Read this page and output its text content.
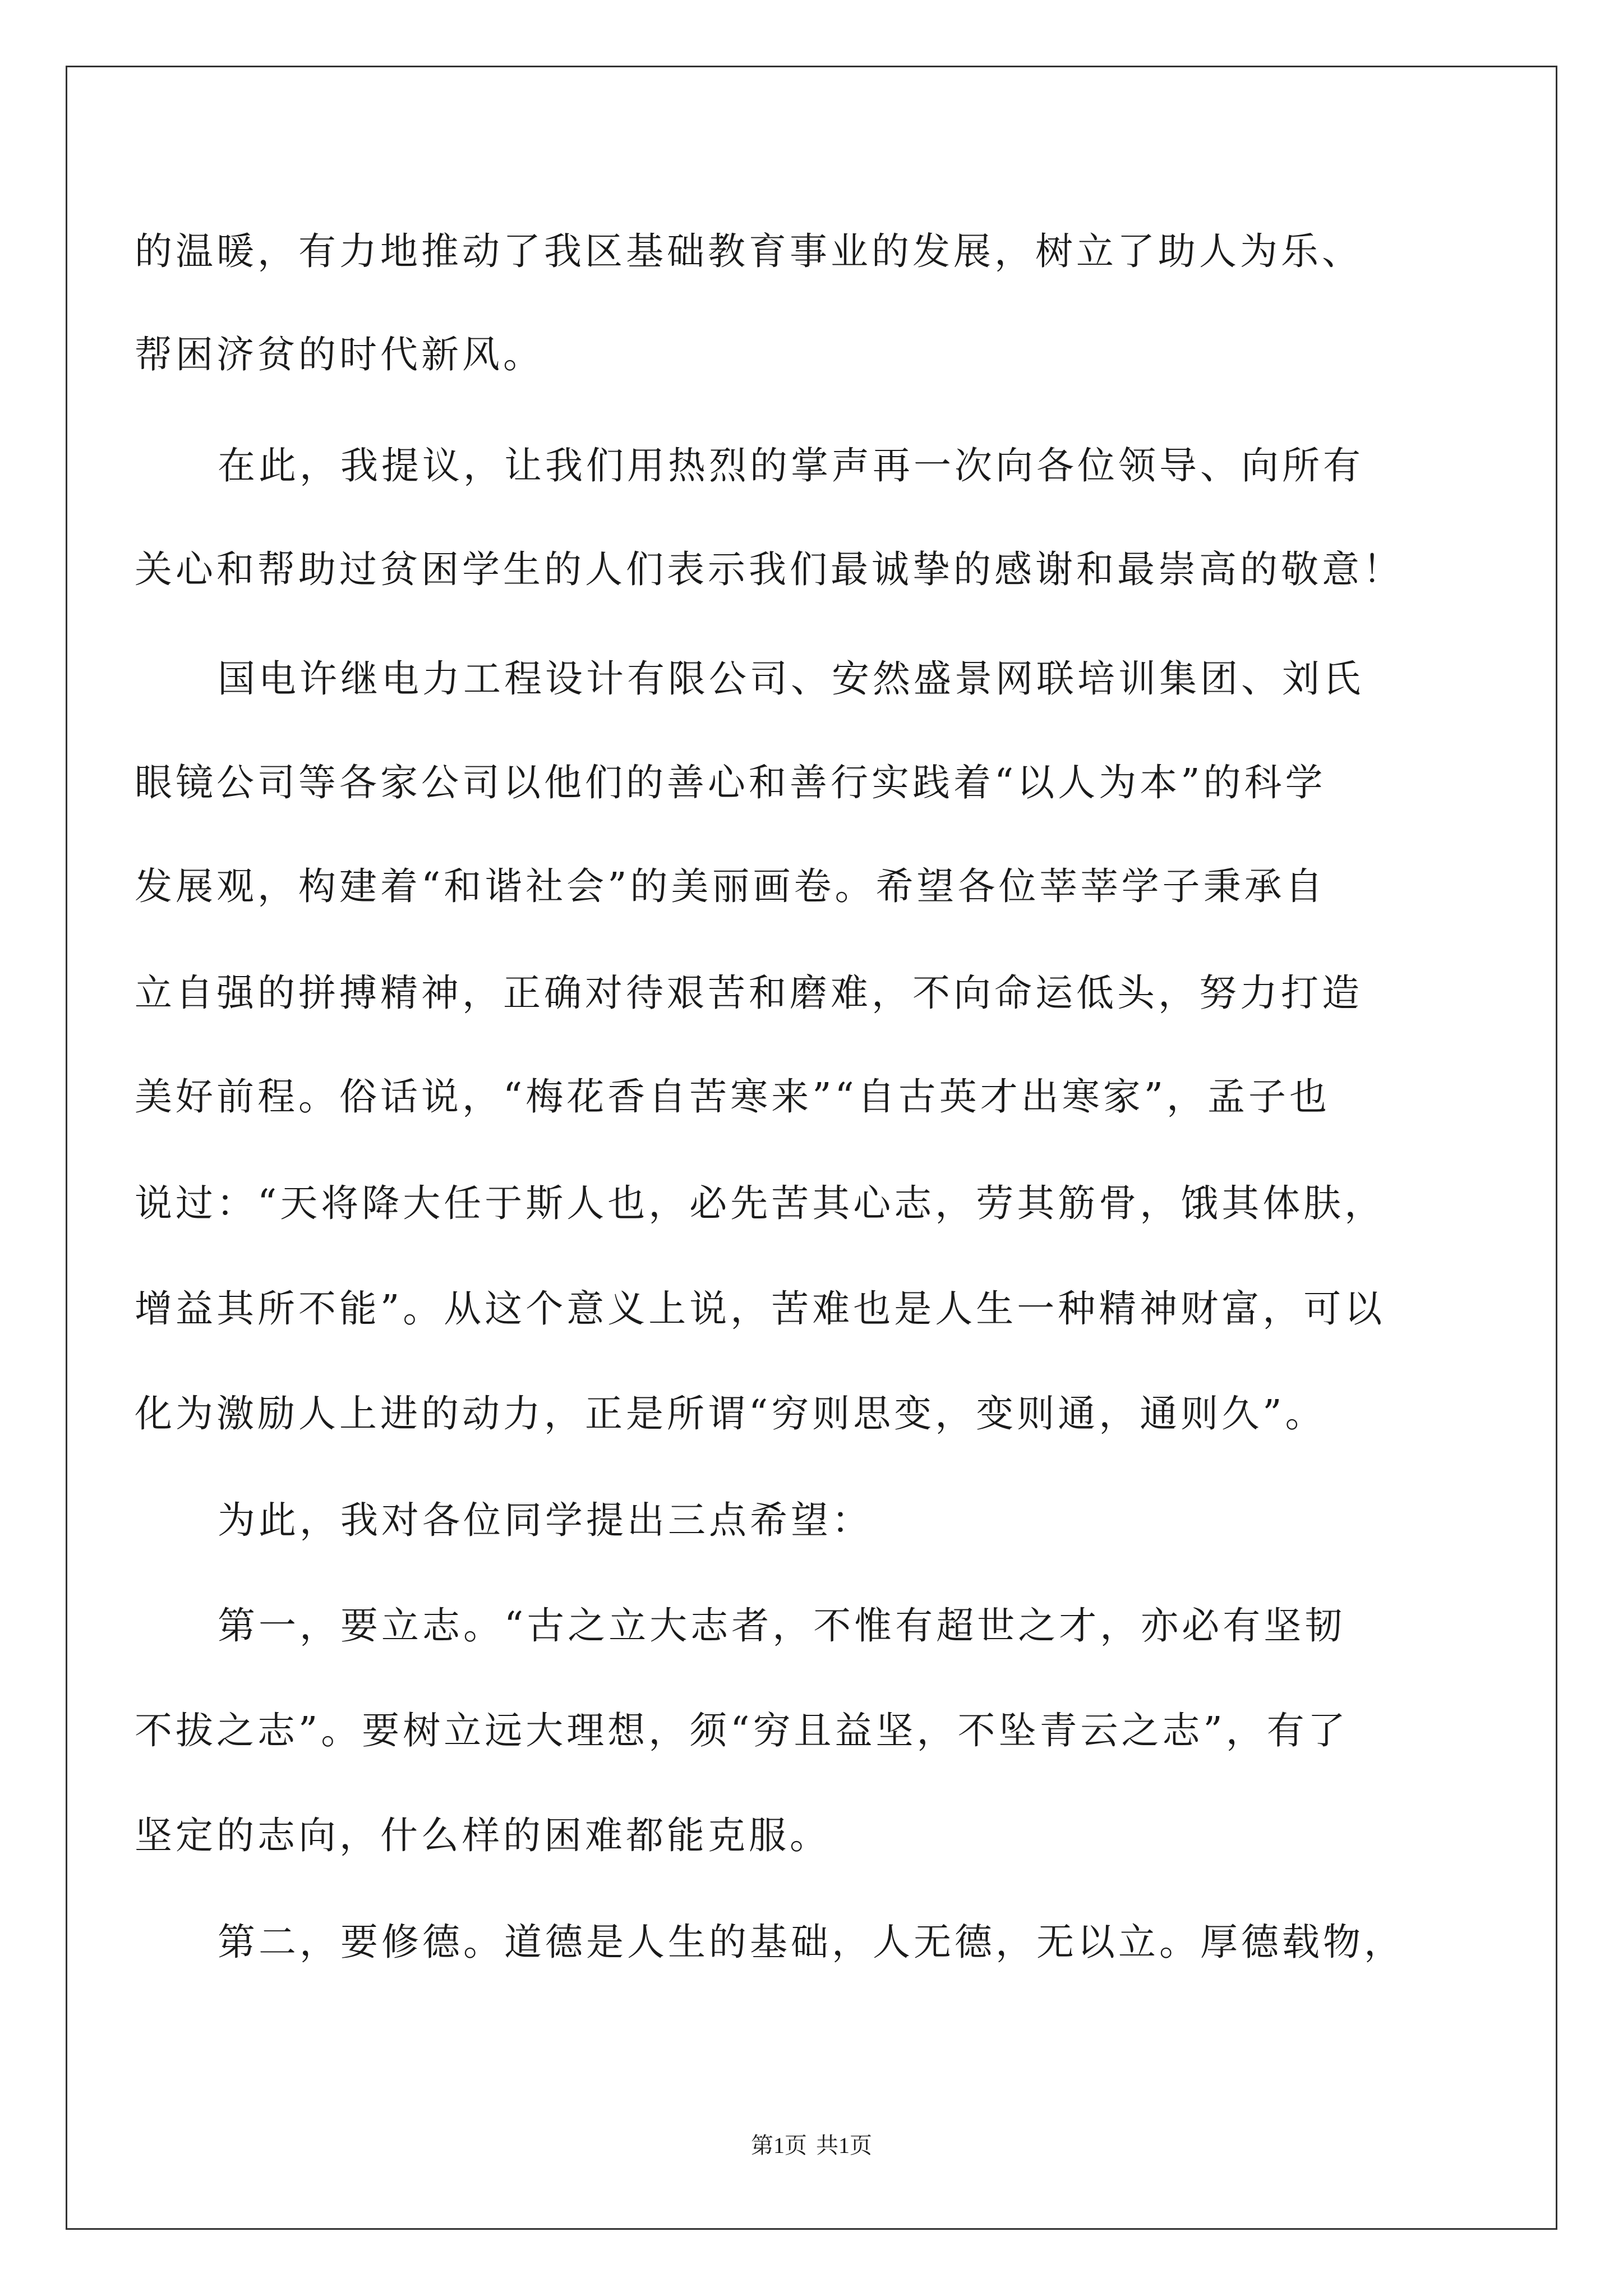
的温暖，有力地推动了我区基础教育事业的发展，树立了助人为乐、
帮困济贫的时代新风。
在此，我提议，让我们用热烈的掌声再一次向各位领导、向所有
关心和帮助过贫困学生的人们表示我们最诚挚的感谢和最崇高的敬意！
国电许继电力工程设计有限公司、安然盛景网联培训集团、刘氏
眼镜公司等各家公司以他们的善心和善行实践着“以人为本”的科学
发展观，构建着“和谐社会”的美丽画卷。希望各位莘莘学子秉承自
立自强的拼搏精神，正确对待艰苦和磨难，不向命运低头，努力打造
美好前程。俗话说，“梅花香自苦寒来”“自古英才出寒家”，孟子也
说过：“天将降大任于斯人也，必先苦其心志，劳其筋骨，饿其体肤，
增益其所不能”。从这个意义上说，苦难也是人生一种精神财富，可以
化为激励人上进的动力，正是所谓“穷则思变，变则通，通则久”。
为此，我对各位同学提出三点希望：
第一，要立志。“古之立大志者，不惟有超世之才，亦必有坚韧
不拔之志”。要树立远大理想，须“穷且益坚，不坠青云之志”，有了
坚定的志向，什么样的困难都能克服。
第二，要修德。道德是人生的基础，人无德，无以立。厚德载物，
第1页 共1页
